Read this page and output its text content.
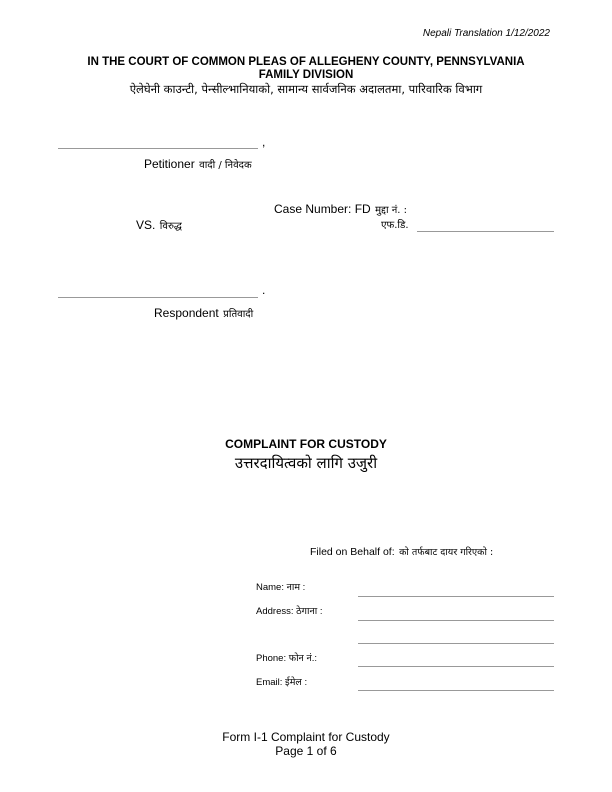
Nepali Translation 1/12/2022
IN THE COURT OF COMMON PLEAS OF ALLEGHENY COUNTY, PENNSYLVANIA
FAMILY DIVISION
ऐलेघेनी काउन्टी, पेन्सील्भानियाको, सामान्य सार्वजनिक अदालतमा, पारिवारिक विभाग
,
Petitioner वादी / निवेदक
Case Number: FD मुद्दा नं. :
VS. विरुद्ध	एफ.डि.
.
Respondent प्रतिवादी
COMPLAINT FOR CUSTODY
उत्तरदायित्वको लागि उजुरी
Filed on Behalf of: को तर्फबाट दायर गरिएको :
Name: नाम :
Address: ठेगाना :
Phone: फोन नं.:
Email: ईमेल :
Form I-1 Complaint for Custody
Page 1 of 6
